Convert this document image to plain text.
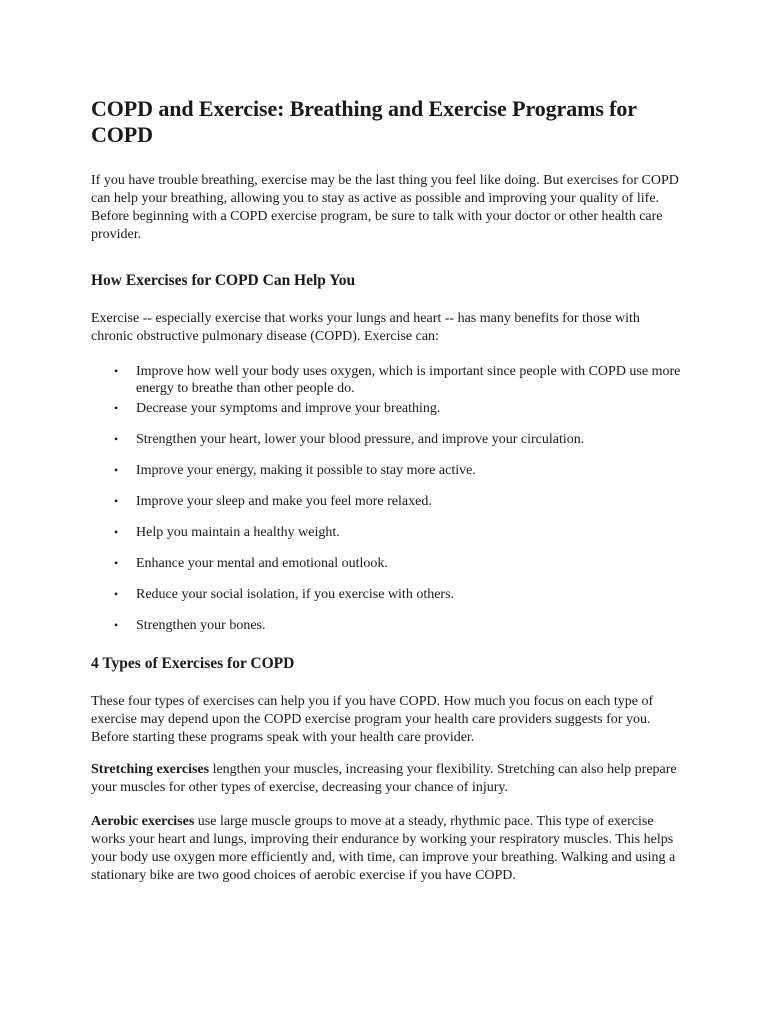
COPD and Exercise: Breathing and Exercise Programs for COPD

If you have trouble breathing, exercise may be the last thing you feel like doing. But exercises for COPD can help your breathing, allowing you to stay as active as possible and improving your quality of life. Before beginning with a COPD exercise program, be sure to talk with your doctor or other health care provider.

How Exercises for COPD Can Help You

Exercise -- especially exercise that works your lungs and heart -- has many benefits for those with chronic obstructive pulmonary disease (COPD). Exercise can:

• Improve how well your body uses oxygen, which is important since people with COPD use more energy to breathe than other people do.
• Decrease your symptoms and improve your breathing.
• Strengthen your heart, lower your blood pressure, and improve your circulation.
• Improve your energy, making it possible to stay more active.
• Improve your sleep and make you feel more relaxed.
• Help you maintain a healthy weight.
• Enhance your mental and emotional outlook.
• Reduce your social isolation, if you exercise with others.
• Strengthen your bones.
4 Types of Exercises for COPD

These four types of exercises can help you if you have COPD. How much you focus on each type of exercise may depend upon the COPD exercise program your health care providers suggests for you. Before starting these programs speak with your health care provider.

Stretching exercises lengthen your muscles, increasing your flexibility. Stretching can also help prepare your muscles for other types of exercise, decreasing your chance of injury.

Aerobic exercises use large muscle groups to move at a steady, rhythmic pace. This type of exercise works your heart and lungs, improving their endurance by working your respiratory muscles. This helps your body use oxygen more efficiently and, with time, can improve your breathing. Walking and using a stationary bike are two good choices of aerobic exercise if you have COPD.
